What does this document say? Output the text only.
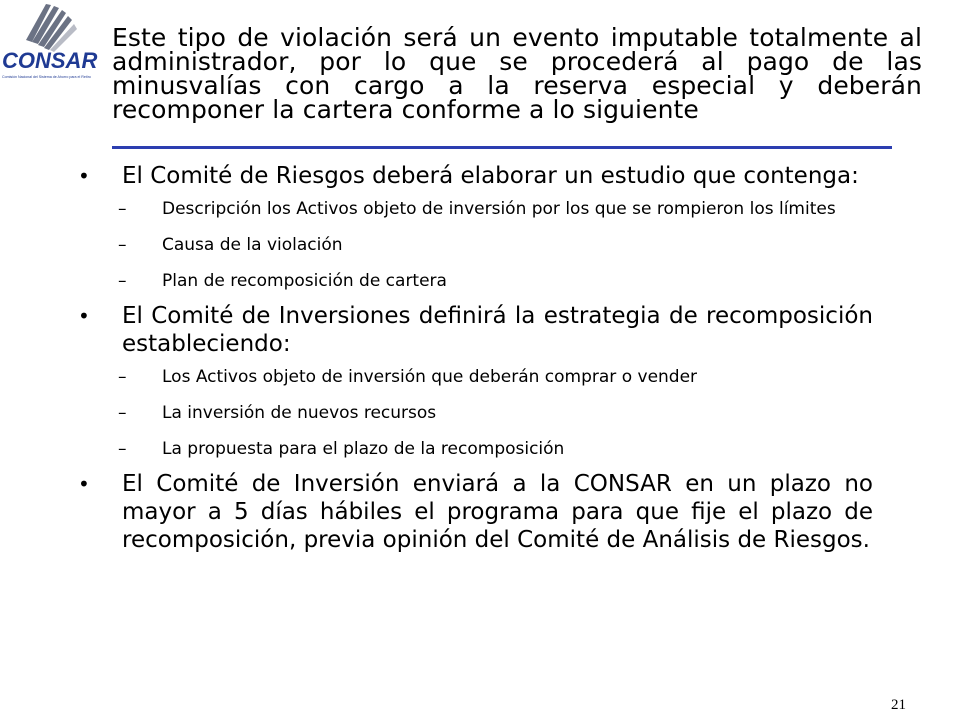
CONSAR
Comisión Nacional del Sistema de Ahorro para el Retiro
Este tipo de violación será un evento imputable totalmente al
administrador, por lo que se procederá al pago de las
minusvalías con cargo a la reserva especial y deberán
recomponer la cartera conforme a lo siguiente
•	El Comité de Riesgos deberá elaborar un estudio que contenga:
– Descripción los Activos objeto de inversión por los que se rompieron los límites
– Causa de la violación
– Plan de recomposición de cartera
•	El Comité de Inversiones definirá la estrategia de recomposición estableciendo:
– Los Activos objeto de inversión que deberán comprar o vender
– La inversión de nuevos recursos
– La propuesta para el plazo de la recomposición
•	El Comité de Inversión enviará a la CONSAR en un plazo no mayor a 5 días hábiles el programa para que fije el plazo de recomposición, previa opinión del Comité de Análisis de Riesgos.
21
